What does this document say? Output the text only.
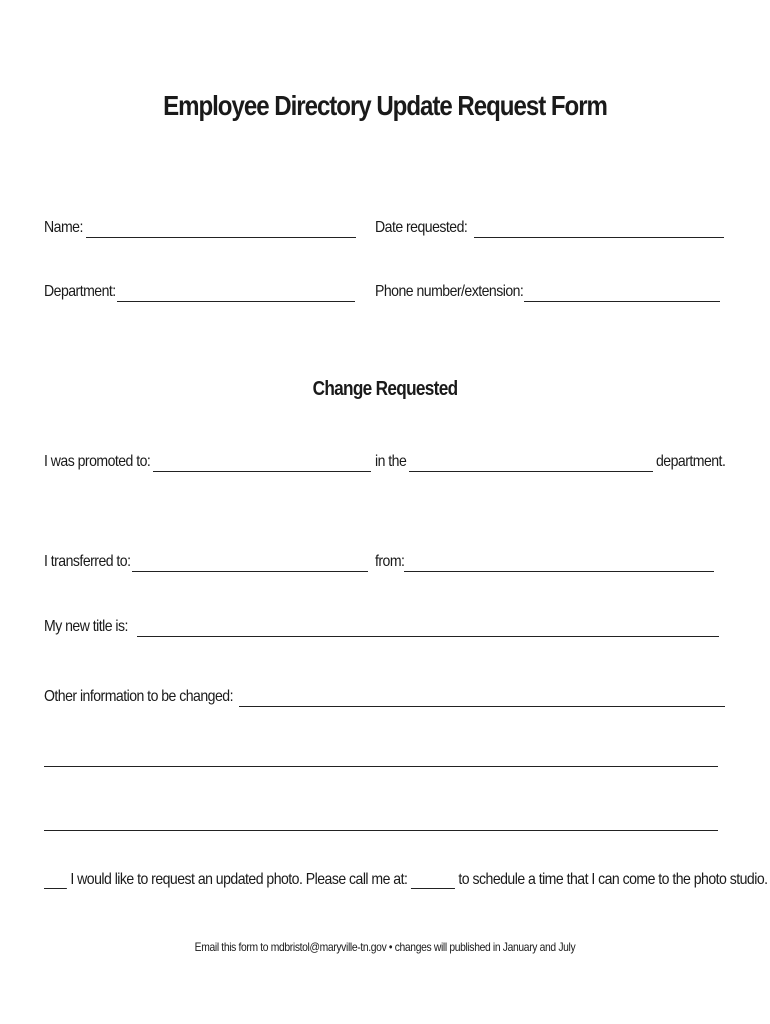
Employee Directory Update Request Form
Name:	Date requested:
Department:	Phone number/extension:
Change Requested
I was promoted to:	in the	department.
I transferred to:	from:
My new title is:
Other information to be changed:
I would like to request an updated photo. Please call me at:	to schedule a time that I can come to the photo studio.
Email this form to mdbristol@maryville-tn.gov • changes will published in January and July
